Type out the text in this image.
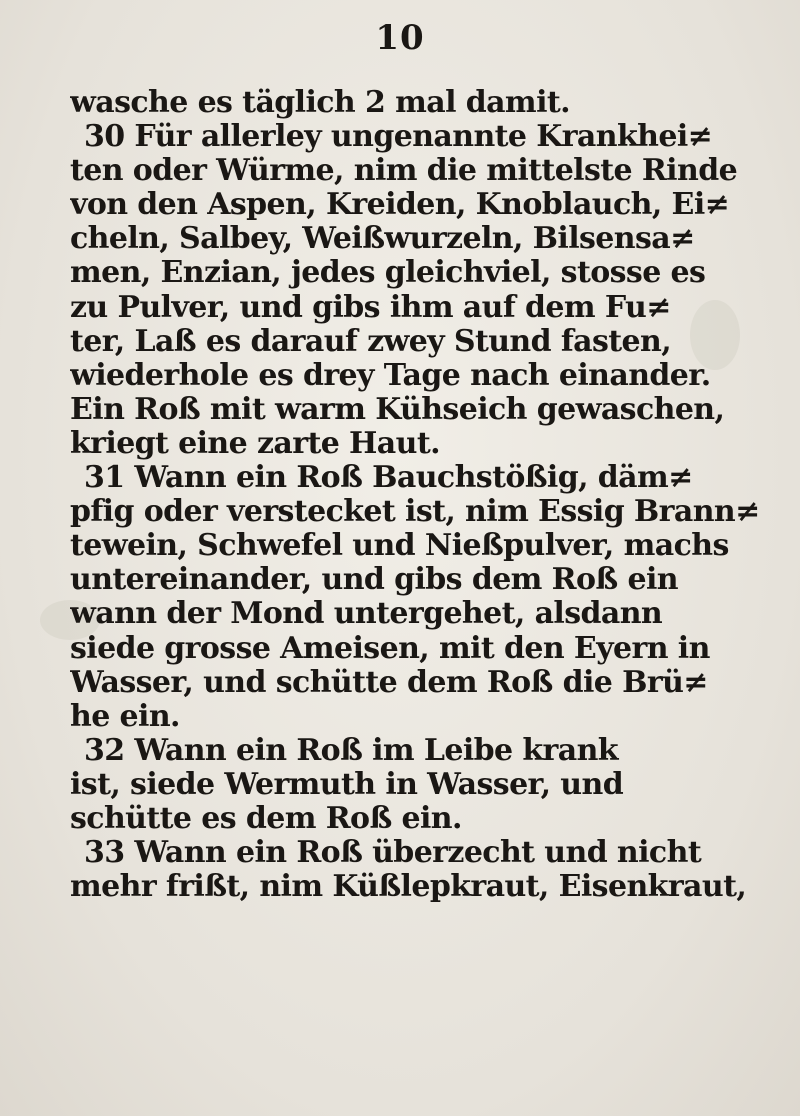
10
wasche es täglich 2 mal damit.
30 Für allerley ungenannte Krankhei≠
ten oder Würme, nim die mittelste Rinde
von den Aspen, Kreiden, Knoblauch, Ei≠
cheln, Salbey, Weißwurzeln, Bilsensa≠
men, Enzian, jedes gleichviel, stosse es
zu Pulver, und gibs ihm auf dem Fu≠
ter, Laß es darauf zwey Stund fasten,
wiederhole es drey Tage nach einander.
Ein Roß mit warm Kühseich gewaschen,
kriegt eine zarte Haut.
31 Wann ein Roß Bauchstößig, däm≠
pfig oder verstecket ist, nim Essig Brann≠
tewein, Schwefel und Nießpulver, machs
untereinander, und gibs dem Roß ein
wann der Mond untergehet, alsdann
siede grosse Ameisen, mit den Eyern in
Wasser, und schütte dem Roß die Brü≠
he ein.
32 Wann ein Roß im Leibe krank
ist, siede Wermuth in Wasser, und
schütte es dem Roß ein.
33 Wann ein Roß überzecht und nicht
mehr frißt, nim Küßlepkraut, Eisenkraut,
